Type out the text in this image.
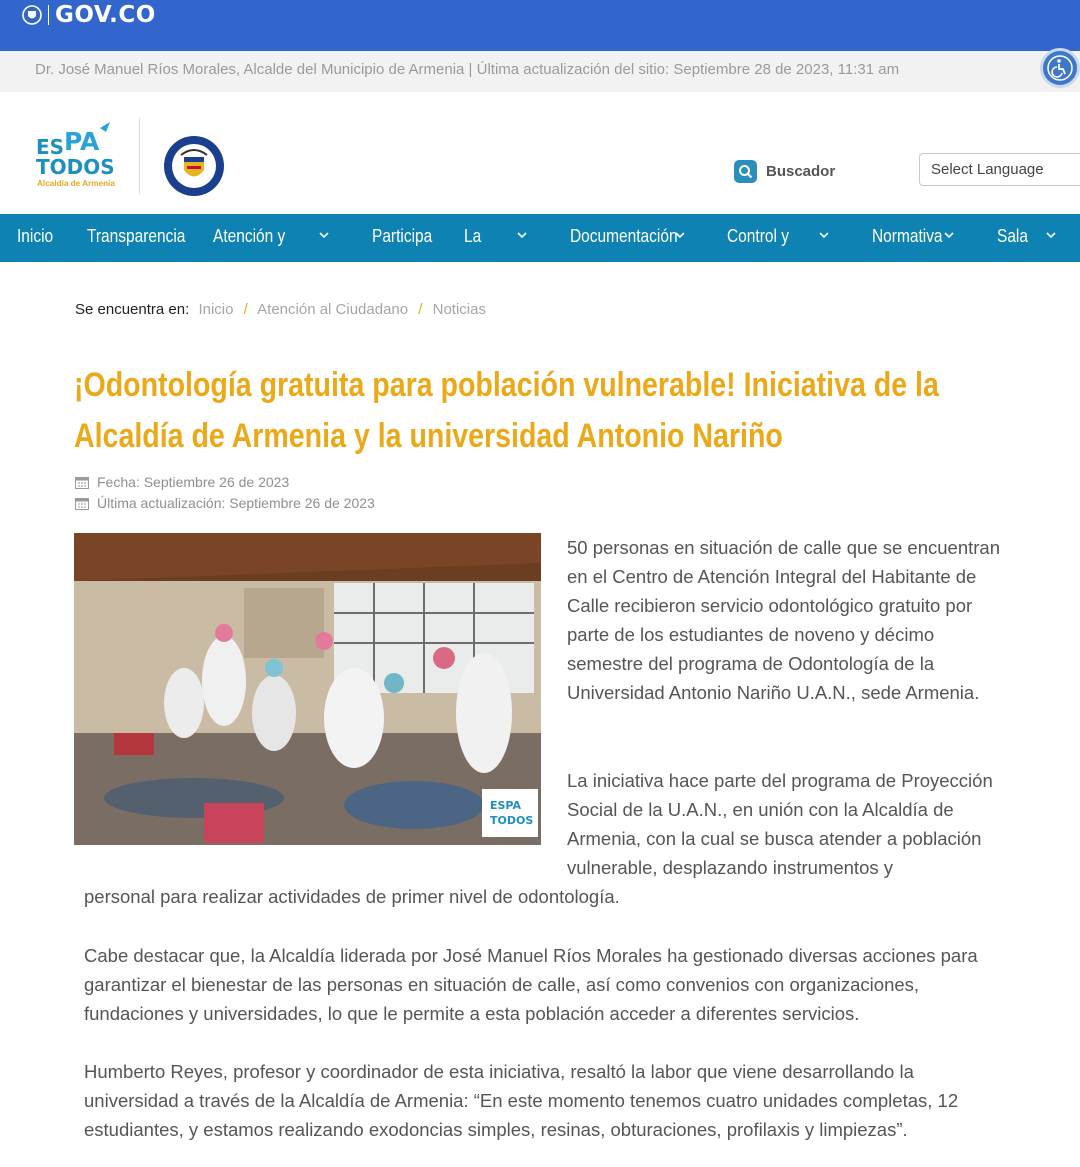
GOV.CO
Dr. José Manuel Ríos Morales, Alcalde del Municipio de Armenia | Última actualización del sitio: Septiembre 28 de 2023, 11:31 am
ES PA
TODOS
Alcaldía de Armenia
Buscador	Select Language
Inicio Transparencia Atención y	Participa La	Documentación	Control y	Normativa	Sala
Se encuentra en: Inicio / Atención al Ciudadano / Noticias
¡Odontología gratuita para población vulnerable! Iniciativa de la Alcaldía de Armenia y la universidad Antonio Nariño
Fecha: Septiembre 26 de 2023
Última actualización: Septiembre 26 de 2023
ESPA
TODOS

50 personas en situación de calle que se encuentran en el Centro de Atención Integral del Habitante de Calle recibieron servicio odontológico gratuito por parte de los estudiantes de noveno y décimo semestre del programa de Odontología de la Universidad Antonio Nariño U.A.N., sede Armenia.

La iniciativa hace parte del programa de Proyección Social de la U.A.N., en unión con la Alcaldía de Armenia, con la cual se busca atender a población vulnerable, desplazando instrumentos y

personal para realizar actividades de primer nivel de odontología.

Cabe destacar que, la Alcaldía liderada por José Manuel Ríos Morales ha gestionado diversas acciones para garantizar el bienestar de las personas en situación de calle, así como convenios con organizaciones, fundaciones y universidades, lo que le permite a esta población acceder a diferentes servicios.

Humberto Reyes, profesor y coordinador de esta iniciativa, resaltó la labor que viene desarrollando la universidad a través de la Alcaldía de Armenia: “En este momento tenemos cuatro unidades completas, 12 estudiantes, y estamos realizando exodoncias simples, resinas, obturaciones, profilaxis y limpiezas”.
